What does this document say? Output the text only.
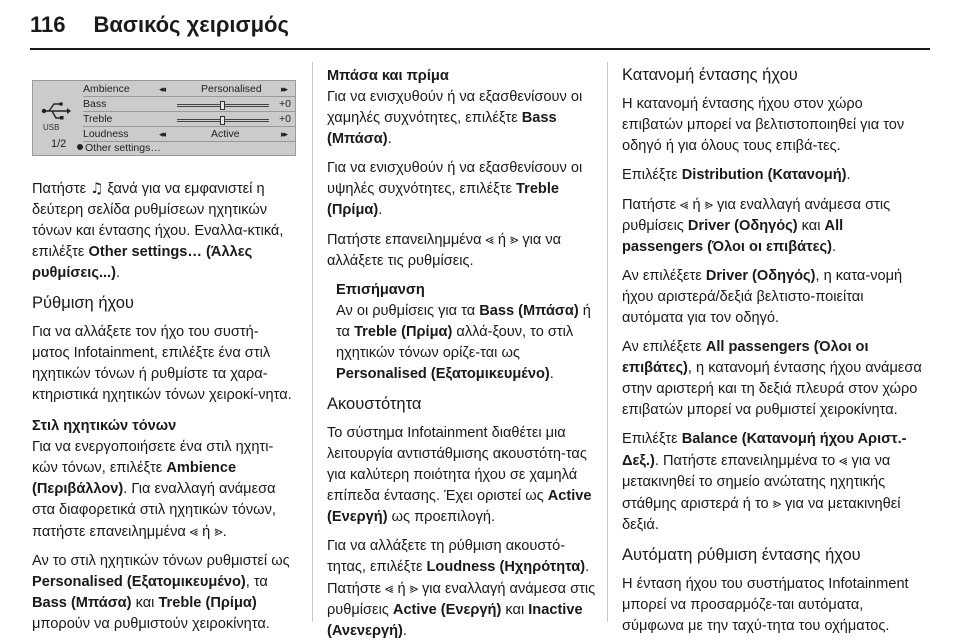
116 Βασικός χειρισμός
USB
1/2
Ambience	◂◂	Personalised ▸▸
Bass	+0
Treble	+0
Loudness	◂◂	Active	▸▸
Other settings…

Πατήστε ♫ ξανά για να εμφανιστεί η δεύτερη σελίδα ρυθμίσεων ηχητικών τόνων και έντασης ήχου. Εναλλα-κτικά, επιλέξτε Other settings… (Άλλες ρυθμίσεις...).

Ρύθμιση ήχου

Για να αλλάξετε τον ήχο του συστή-ματος Infotainment, επιλέξτε ένα στιλ ηχητικών τόνων ή ρυθμίστε τα χαρα-κτηριστικά ηχητικών τόνων χειροκί-νητα.

Στιλ ηχητικών τόνων

Για να ενεργοποιήσετε ένα στιλ ηχητι-κών τόνων, επιλέξτε Ambience (Περιβάλλον). Για εναλλαγή ανάμεσα στα διαφορετικά στιλ ηχητικών τόνων, πατήστε επανειλημμένα ⪡ ή ⪢.

Αν το στιλ ηχητικών τόνων ρυθμιστεί ως Personalised (Εξατομικευμένο), τα Bass (Μπάσα) και Treble (Πρίμα) μπορούν να ρυθμιστούν χειροκίνητα.

Μπάσα και πρίμα

Για να ενισχυθούν ή να εξασθενίσουν οι χαμηλές συχνότητες, επιλέξτε Bass (Μπάσα).

Για να ενισχυθούν ή να εξασθενίσουν οι υψηλές συχνότητες, επιλέξτε Treble (Πρίμα).

Πατήστε επανειλημμένα ⪡ ή ⪢ για να αλλάξετε τις ρυθμίσεις.

Επισήμανση
Αν οι ρυθμίσεις για τα Bass (Μπάσα) ή τα Treble (Πρίμα) αλλά-ξουν, το στιλ ηχητικών τόνων ορίζε-ται ως Personalised (Εξατομικευμένο).
Ακουστότητα

Το σύστημα Infotainment διαθέτει μια λειτουργία αντιστάθμισης ακουστότη-τας για καλύτερη ποιότητα ήχου σε χαμηλά επίπεδα έντασης. Έχει οριστεί ως Active (Ενεργή) ως προεπιλογή.

Για να αλλάξετε τη ρύθμιση ακουστό-τητας, επιλέξτε Loudness (Ηχηρότητα). Πατήστε ⪡ ή ⪢ για εναλλαγή ανάμεσα στις ρυθμίσεις Active (Ενεργή) και Inactive (Ανενεργή).

Κατανομή έντασης ήχου

Η κατανομή έντασης ήχου στον χώρο επιβατών μπορεί να βελτιστοποιηθεί για τον οδηγό ή για όλους τους επιβά-τες.

Επιλέξτε Distribution (Κατανομή).

Πατήστε ⪡ ή ⪢ για εναλλαγή ανάμεσα στις ρυθμίσεις Driver (Οδηγός) και All passengers (Όλοι οι επιβάτες).

Αν επιλέξετε Driver (Οδηγός), η κατα-νομή ήχου αριστερά/δεξιά βελτιστο-ποιείται αυτόματα για τον οδηγό.

Αν επιλέξετε All passengers (Όλοι οι επιβάτες), η κατανομή έντασης ήχου ανάμεσα στην αριστερή και τη δεξιά πλευρά στον χώρο επιβατών μπορεί να ρυθμιστεί χειροκίνητα.

Επιλέξτε Balance (Κατανομή ήχου Αριστ.-Δεξ.). Πατήστε επανειλημμένα το ⪡ για να μετακινηθεί το σημείο ανώτατης ηχητικής στάθμης αριστερά ή το ⪢ για να μετακινηθεί δεξιά.

Αυτόματη ρύθμιση έντασης ήχου

Η ένταση ήχου του συστήματος Infotainment μπορεί να προσαρμόζε-ται αυτόματα, σύμφωνα με την ταχύ-τητα του οχήματος.
